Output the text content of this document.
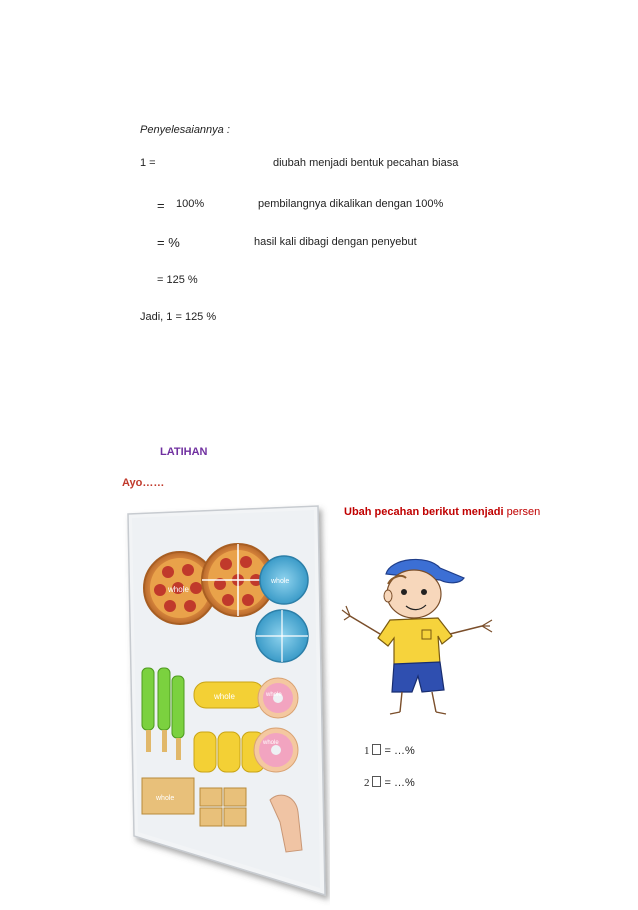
Penyelesaiannya :
1 =	diubah menjadi bentuk pecahan biasa
= 100%	pembilangnya dikalikan dengan 100%
= %	hasil kali dibagi dengan penyebut
= 125 %
Jadi, 1 = 125 %
LATIHAN
Ayo……
Ubah pecahan berikut menjadi persen
1 = …%
2 = …%
whole
whole
whole	whole
whole
whole
